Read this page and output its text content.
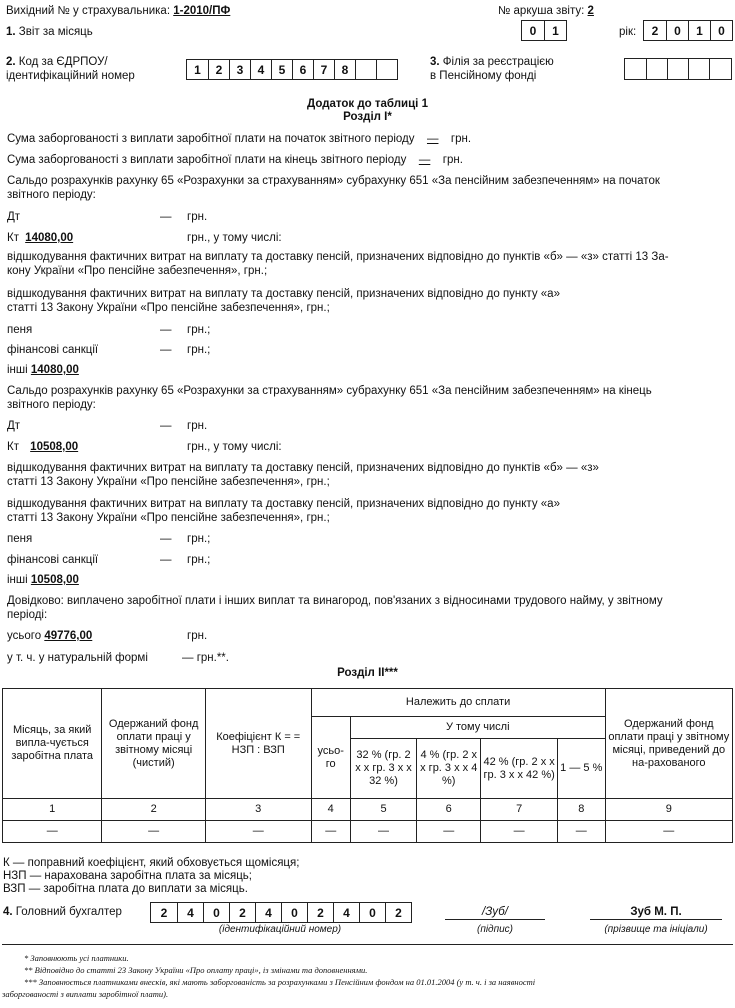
Вихідний № у страхувальника: 1-2010/ПФ	№ аркуша звіту: 2
1. Звіт за місяць	0	1	рік:	2	0	1	0
2. Код за ЄДРПОУ/
ідентифікаційний номер	1	2	3	4	5	6	7	8
3. Філія за реєстрацією
в Пенсійному фонді
Додаток до таблиці 1
Розділ I*
Сума заборгованості з виплати заробітної плати на початок звітного періоду — грн.
Сума заборгованості з виплати заробітної плати на кінець звітного періоду — грн.
Сальдо розрахунків рахунку 65 «Розрахунки за страхуванням» субрахунку 651 «За пенсійним забезпеченням» на початок
звітного періоду:
Дт	— грн.
Кт 14080,00	грн., у тому числі:
відшкодування фактичних витрат на виплату та доставку пенсій, призначених відповідно до пунктів «б» — «з» статті 13 За-
кону України «Про пенсійне забезпечення», грн.;
відшкодування фактичних витрат на виплату та доставку пенсій, призначених відповідно до пункту «а»
статті 13 Закону України «Про пенсійне забезпечення», грн.;
пеня	— грн.;
фінансові санкції	— грн.;
інші 14080,00
Сальдо розрахунків рахунку 65 «Розрахунки за страхуванням» субрахунку 651 «За пенсійним забезпеченням» на кінець
звітного періоду:
Дт	— грн.
Кт 10508,00	грн., у тому числі:
відшкодування фактичних витрат на виплату та доставку пенсій, призначених відповідно до пунктів «б» — «з»
статті 13 Закону України «Про пенсійне забезпечення», грн.;
відшкодування фактичних витрат на виплату та доставку пенсій, призначених відповідно до пункту «а»
статті 13 Закону України «Про пенсійне забезпечення», грн.;
пеня	— грн.;
фінансові санкції	— грн.;
інші 10508,00
Довідково: виплачено заробітної плати і інших виплат та винагород, пов'язаних з відносинами трудового найму, у звітному
періоді:
усього 49776,00	грн.
у т. ч. у натуральній формі	— грн.**.
Розділ II***
Місяць, за який випла-чується заробітна плата	Одержаний фонд оплати праці у звітному місяці (чистий)	Коефіцієнт К = = НЗП : ВЗП	Належить до сплати					Одержаний фонд оплати праці у звітному місяці, приведений до на-рахованого
			усьо-го	У тому числі				
				32 % (гр. 2 х х гр. 3 х х 32 %)	4 % (гр. 2 х х гр. 3 х х 4 %)	42 % (гр. 2 х х гр. 3 х х 42 %)	1 — 5 %	
1	2	3	4	5	6	7	8	9
—	—	—	—	—	—	—	—	—
К — поправний коефіцієнт, який обховується щомісяця;
НЗП — нарахована заробітна плата за місяць;
ВЗП — заробітна плата до виплати за місяць.
4. Головний бухгалтер	2	4	0	2	4	0	2	4	0	2
(ідентифікаційний номер)
/Зуб/
(підпис)
Зуб М. П.
(прізвище та ініціали)
* Заповнюють усі платники.
** Відповідно до статті 23 Закону України «Про оплату праці», із змінами та доповненнями.
*** Заповнюється платниками внесків, які мають заборгованість за розрахунками з Пенсійним фондом на 01.01.2004 (у т. ч. і за наявності
заборгованості з виплати заробітної плати).
